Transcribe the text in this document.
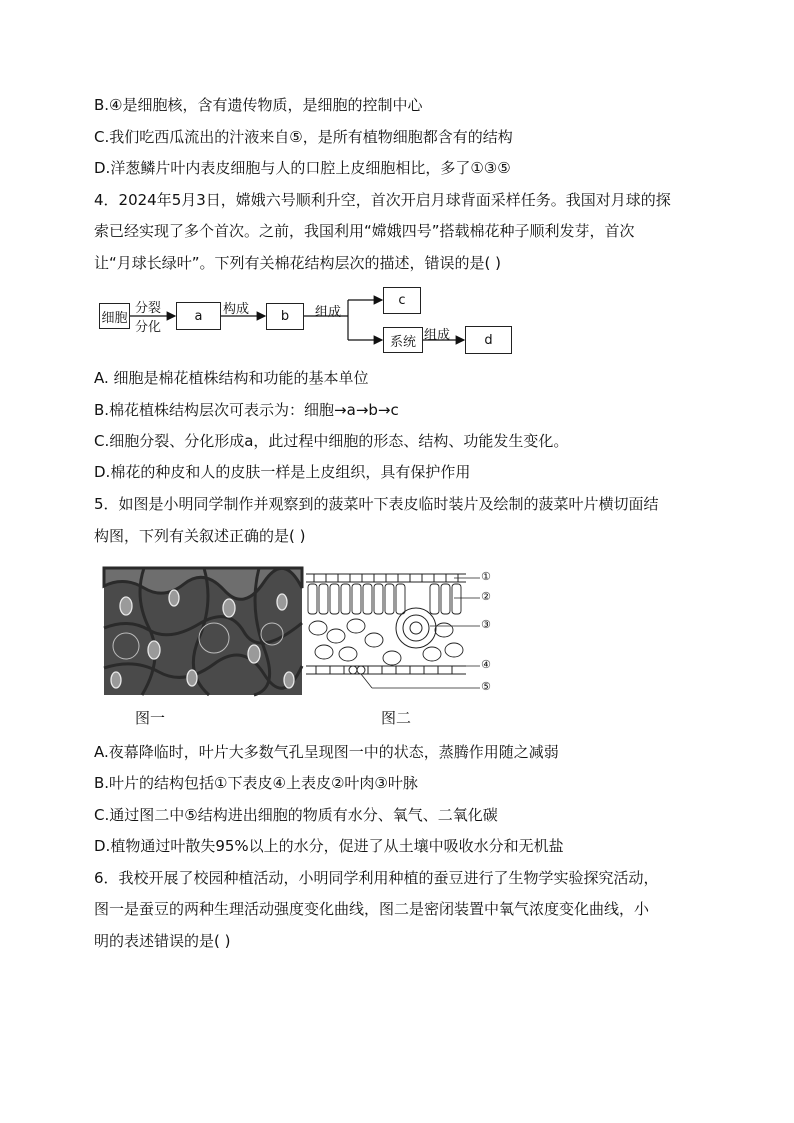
B.④是细胞核，含有遗传物质，是细胞的控制中心
C.我们吃西瓜流出的汁液来自⑤，是所有植物细胞都含有的结构
D.洋葱鳞片叶内表皮细胞与人的口腔上皮细胞相比，多了①③⑤
4．2024年5月3日，嫦娥六号顺利升空，首次开启月球背面采样任务。我国对月球的探
索已经实现了多个首次。之前，我国利用“嫦娥四号”搭载棉花种子顺利发芽，首次
让“月球长绿叶”。下列有关棉花结构层次的描述，错误的是( )
细胞
分裂
分化
a	构成	b	组成
c
系统 组成	d
A. 细胞是棉花植株结构和功能的基本单位
B.棉花植株结构层次可表示为：细胞→a→b→c
C.细胞分裂、分化形成a，此过程中细胞的形态、结构、功能发生变化。
D.棉花的种皮和人的皮肤一样是上皮组织，具有保护作用
5．如图是小明同学制作并观察到的菠菜叶下表皮临时装片及绘制的菠菜叶片横切面结
构图，下列有关叙述正确的是( )
①
②
③
④
⑤
图一	图二
A.夜幕降临时，叶片大多数气孔呈现图一中的状态，蒸腾作用随之减弱
B.叶片的结构包括①下表皮④上表皮②叶肉③叶脉
C.通过图二中⑤结构进出细胞的物质有水分、氧气、二氧化碳
D.植物通过叶散失95%以上的水分，促进了从土壤中吸收水分和无机盐
6．我校开展了校园种植活动，小明同学利用种植的蚕豆进行了生物学实验探究活动，
图一是蚕豆的两种生理活动强度变化曲线，图二是密闭装置中氧气浓度变化曲线，小
明的表述错误的是( )
